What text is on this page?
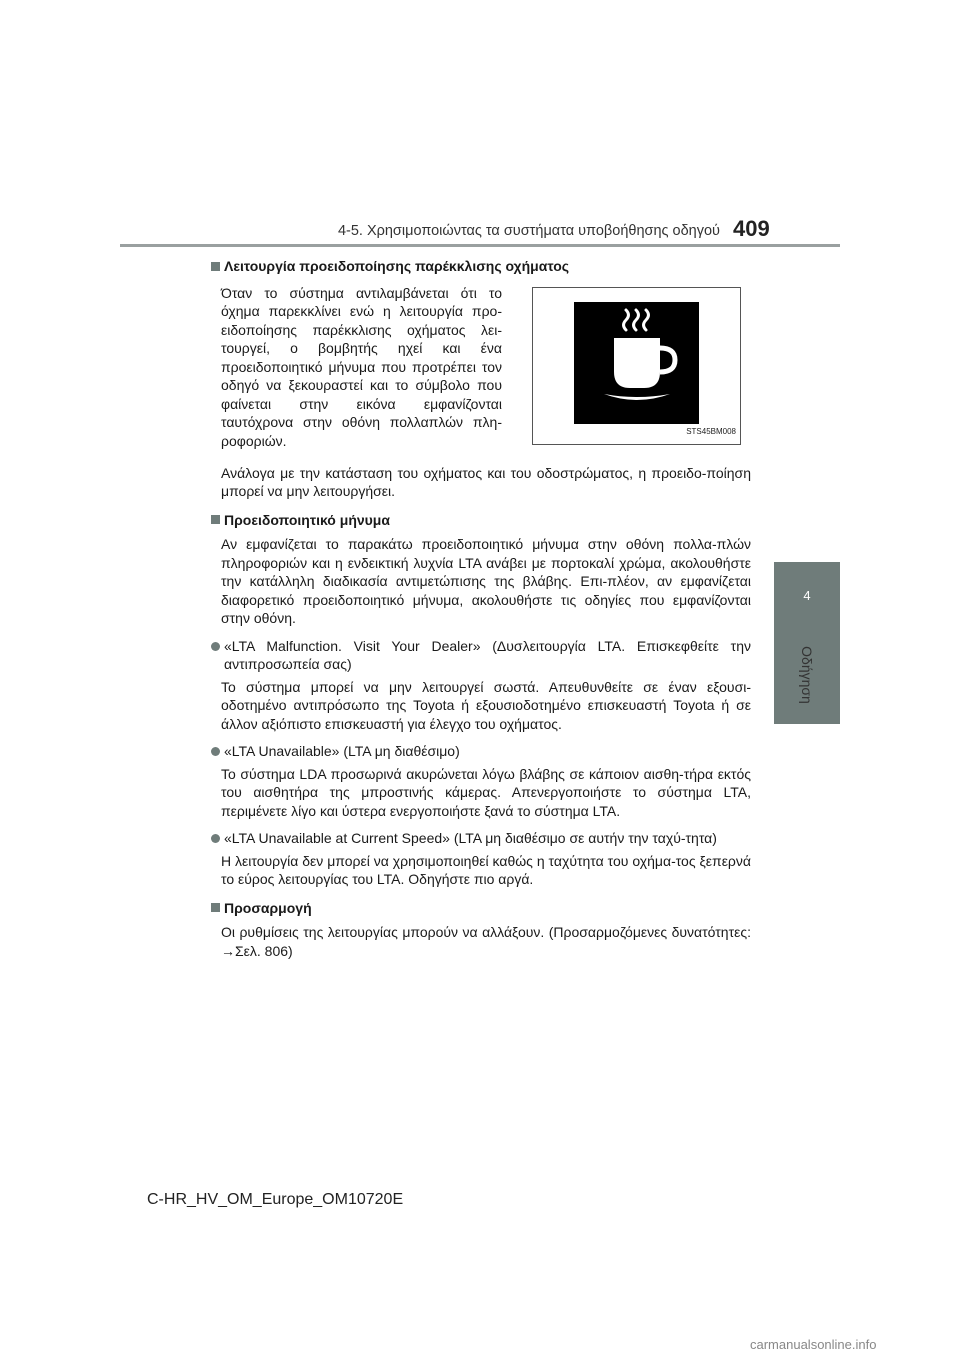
4-5. Χρησιμοποιώντας τα συστήματα υποβοήθησης οδηγού 409
4
Οδήγηση
Λειτουργία προειδοποίησης παρέκκλισης οχήματος
Όταν το σύστημα αντιλαμβάνεται ότι το όχημα παρεκκλίνει ενώ η λειτουργία προ-ειδοποίησης παρέκκλισης οχήματος λει-τουργεί, ο βομβητής ηχεί και ένα προειδοποιητικό μήνυμα που προτρέπει τον οδηγό να ξεκουραστεί και το σύμβολο που φαίνεται στην εικόνα εμφανίζονται ταυτόχρονα στην οθόνη πολλαπλών πλη-ροφοριών.
STS45BM008
Ανάλογα με την κατάσταση του οχήματος και του οδοστρώματος, η προειδο-ποίηση μπορεί να μην λειτουργήσει.
Προειδοποιητικό μήνυμα
Αν εμφανίζεται το παρακάτω προειδοποιητικό μήνυμα στην οθόνη πολλα-πλών πληροφοριών και η ενδεικτική λυχνία LTA ανάβει με πορτοκαλί χρώμα, ακολουθήστε την κατάλληλη διαδικασία αντιμετώπισης της βλάβης. Επι-πλέον, αν εμφανίζεται διαφορετικό προειδοποιητικό μήνυμα, ακολουθήστε τις οδηγίες που εμφανίζονται στην οθόνη.
«LTA Malfunction. Visit Your Dealer» (Δυσλειτουργία LTA. Επισκεφθείτε την αντιπροσωπεία σας)
Το σύστημα μπορεί να μην λειτουργεί σωστά. Απευθυνθείτε σε έναν εξουσι-οδοτημένο αντιπρόσωπο της Toyota ή εξουσιοδοτημένο επισκευαστή Toyota ή σε άλλον αξιόπιστο επισκευαστή για έλεγχο του οχήματος.
«LTA Unavailable» (LTA μη διαθέσιμο)
Το σύστημα LDA προσωρινά ακυρώνεται λόγω βλάβης σε κάποιον αισθη-τήρα εκτός του αισθητήρα της μπροστινής κάμερας. Απενεργοποιήστε το σύστημα LTA, περιμένετε λίγο και ύστερα ενεργοποιήστε ξανά το σύστημα LTA.
«LTA Unavailable at Current Speed» (LTA μη διαθέσιμο σε αυτήν την ταχύ-τητα)
Η λειτουργία δεν μπορεί να χρησιμοποιηθεί καθώς η ταχύτητα του οχήμα-τος ξεπερνά το εύρος λειτουργίας του LTA. Οδηγήστε πιο αργά.
Προσαρμογή
Οι ρυθμίσεις της λειτουργίας μπορούν να αλλάξουν. (Προσαρμοζόμενες δυνατότητες: →Σελ. 806)
C-HR_HV_OM_Europe_OM10720E
carmanualsonline.info
